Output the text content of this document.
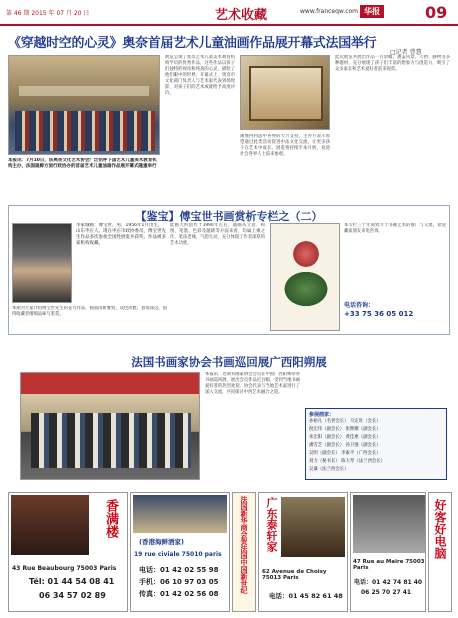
第 46 期 2015 年 07 月 20 日	艺术收藏	www.franceqw.com 华报	09
《穿越时空的心灵》奥奈首届艺术儿童油画作品展开幕式法国举行
□记者 曹慧
本报讯：7月10日，法奥奈文化艺术协会广泛招呼下国艺术儿童美术教育机构主办，法国画廊方面行政协办的首届艺术儿童油画作品展开幕式隆重举行
展览呈现了奥奈艺术儿童美术教育机构学员的优秀作品，这些作品以孩子们独特的视角和纯真的心灵，描绘了他们眼中的世界。开幕式上，奥奈市文化部门负责人与艺术家代表到场致辞，对孩子们的艺术成就给予高度评价。
画展得到法中各界的大力支持，主办方表示希望通过此类活动促进中法文化交流，让更多孩子在艺术中成长。展览将持续至本月底，欢迎社会各界人士前来参观。
此次展览共展出作品一百余幅，涵盖风景、人物、静物等多种题材，充分展现了孩子们丰富的想象力与创造力，吸引了众多家长和艺术爱好者前来观赏。
【鉴宝】傅宝世书画赏析专栏之（二）
李家城画：傅宝世，男，1956年1月出生，山东枣庄人。现在枣庄市政协委员，傅宝世先生作品多次参加全国性展览并获奖，作品被多家机构收藏。
此画大约创作于1990年左右，题画从立意、构图、笔墨、色彩及题跋等方面来看，均属上乘之作，笔法老辣，气韵生动，充分体现了作者深厚的艺术功底。
本期为大家介绍傅宝世先生的花鸟作品，画面清新雅致，设色淡雅，意境深远，值得收藏者细细品味与鉴赏。
本专栏三十年间致力于书画艺术的推广与交流，欢迎藏家朋友来电咨询。
电话咨询：
+33 75 36 05 012
法国书画家协会书画巡回展广西阳朔展
本报讯：近期书画家协会会员在中国广西阳朔举办书画巡回展，展出会员作品近百幅，受到当地书画爱好者的热烈欢迎。协会代表与当地艺术家进行了深入交流，共同探讨中西艺术融合之道。
参展画家：
孙裕凡（名誉会长） 马定旺（会长）
倪宏伟（副会长） 张继耀（副会长）
朱宏阳（副会长） 黄佳惠（副会长）
潘雪芝（副会长） 孙卫强（副会长）
吴明（副会长） 李素平（广西会长）
刘力（秘书长） 陈大琴（法兰西会长）
吴谦（法兰西会长）
香满楼
43 Rue Beaubourg 75003 Paris
Tél: 01 44 54 08 41
06 34 57 02 89
(香港海鲜酒家)
19 rue civiale 75010 paris
电话：01 42 02 55 98
手机：06 10 97 03 05
传真：01 42 02 56 08	法国新华商会贺法国中国新世纪 广东泰轩家
62 Avenue de Choisy 75013 Paris
电话：01 45 82 61 48
47 Rue au Maire 75003 Paris
电话：01 42 74 81 40
06 25 70 27 41
好客好电脑
